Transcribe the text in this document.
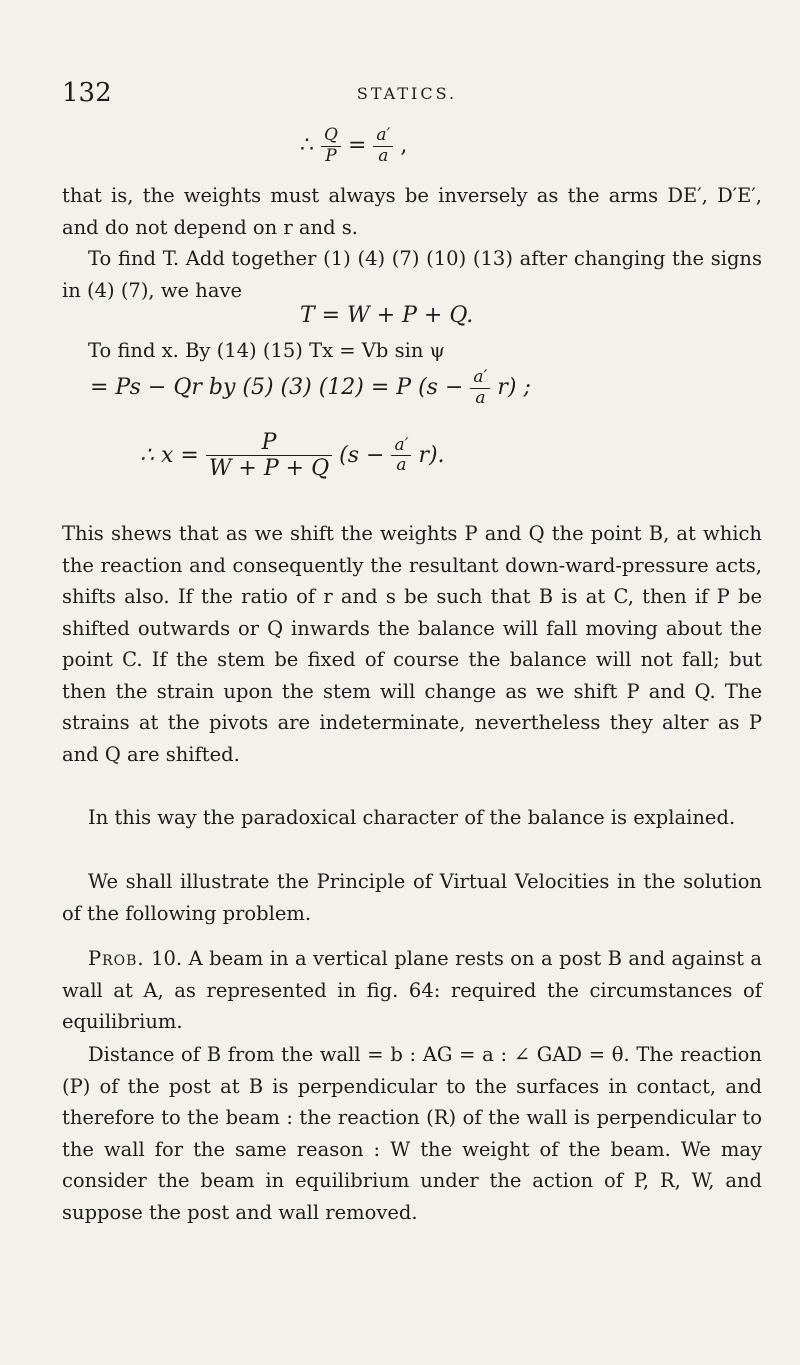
132	STATICS.
∴ $\frac{Q}{P} = \frac{a'}{a}$ ,
that is, the weights must always be inversely as the arms DE′, D′E′, and do not depend on r and s.
To find T. Add together (1) (4) (7) (10) (13) after changing the signs in (4) (7), we have
T = W + P + Q.
To find x. By (14) (15) Tx = Vb sin ψ
= Ps − Qr by (5) (3) (12) = P $(s - \frac{a'}{a} r)$ ;
∴ $x = \frac{P}{W + P + Q} (s - \frac{a'}{a} r)$.
This shews that as we shift the weights P and Q the point B, at which the reaction and consequently the resultant down-ward-pressure acts, shifts also. If the ratio of r and s be such that B is at C, then if P be shifted outwards or Q inwards the balance will fall moving about the point C. If the stem be fixed of course the balance will not fall; but then the strain upon the stem will change as we shift P and Q. The strains at the pivots are indeterminate, nevertheless they alter as P and Q are shifted.
In this way the paradoxical character of the balance is explained.
We shall illustrate the Principle of Virtual Velocities in the solution of the following problem.
Prob. 10. A beam in a vertical plane rests on a post B and against a wall at A, as represented in fig. 64: required the circumstances of equilibrium.
Distance of B from the wall = b : AG = a : ∠ GAD = θ. The reaction (P) of the post at B is perpendicular to the surfaces in contact, and therefore to the beam : the reaction (R) of the wall is perpendicular to the wall for the same reason : W the weight of the beam. We may consider the beam in equilibrium under the action of P, R, W, and suppose the post and wall removed.
